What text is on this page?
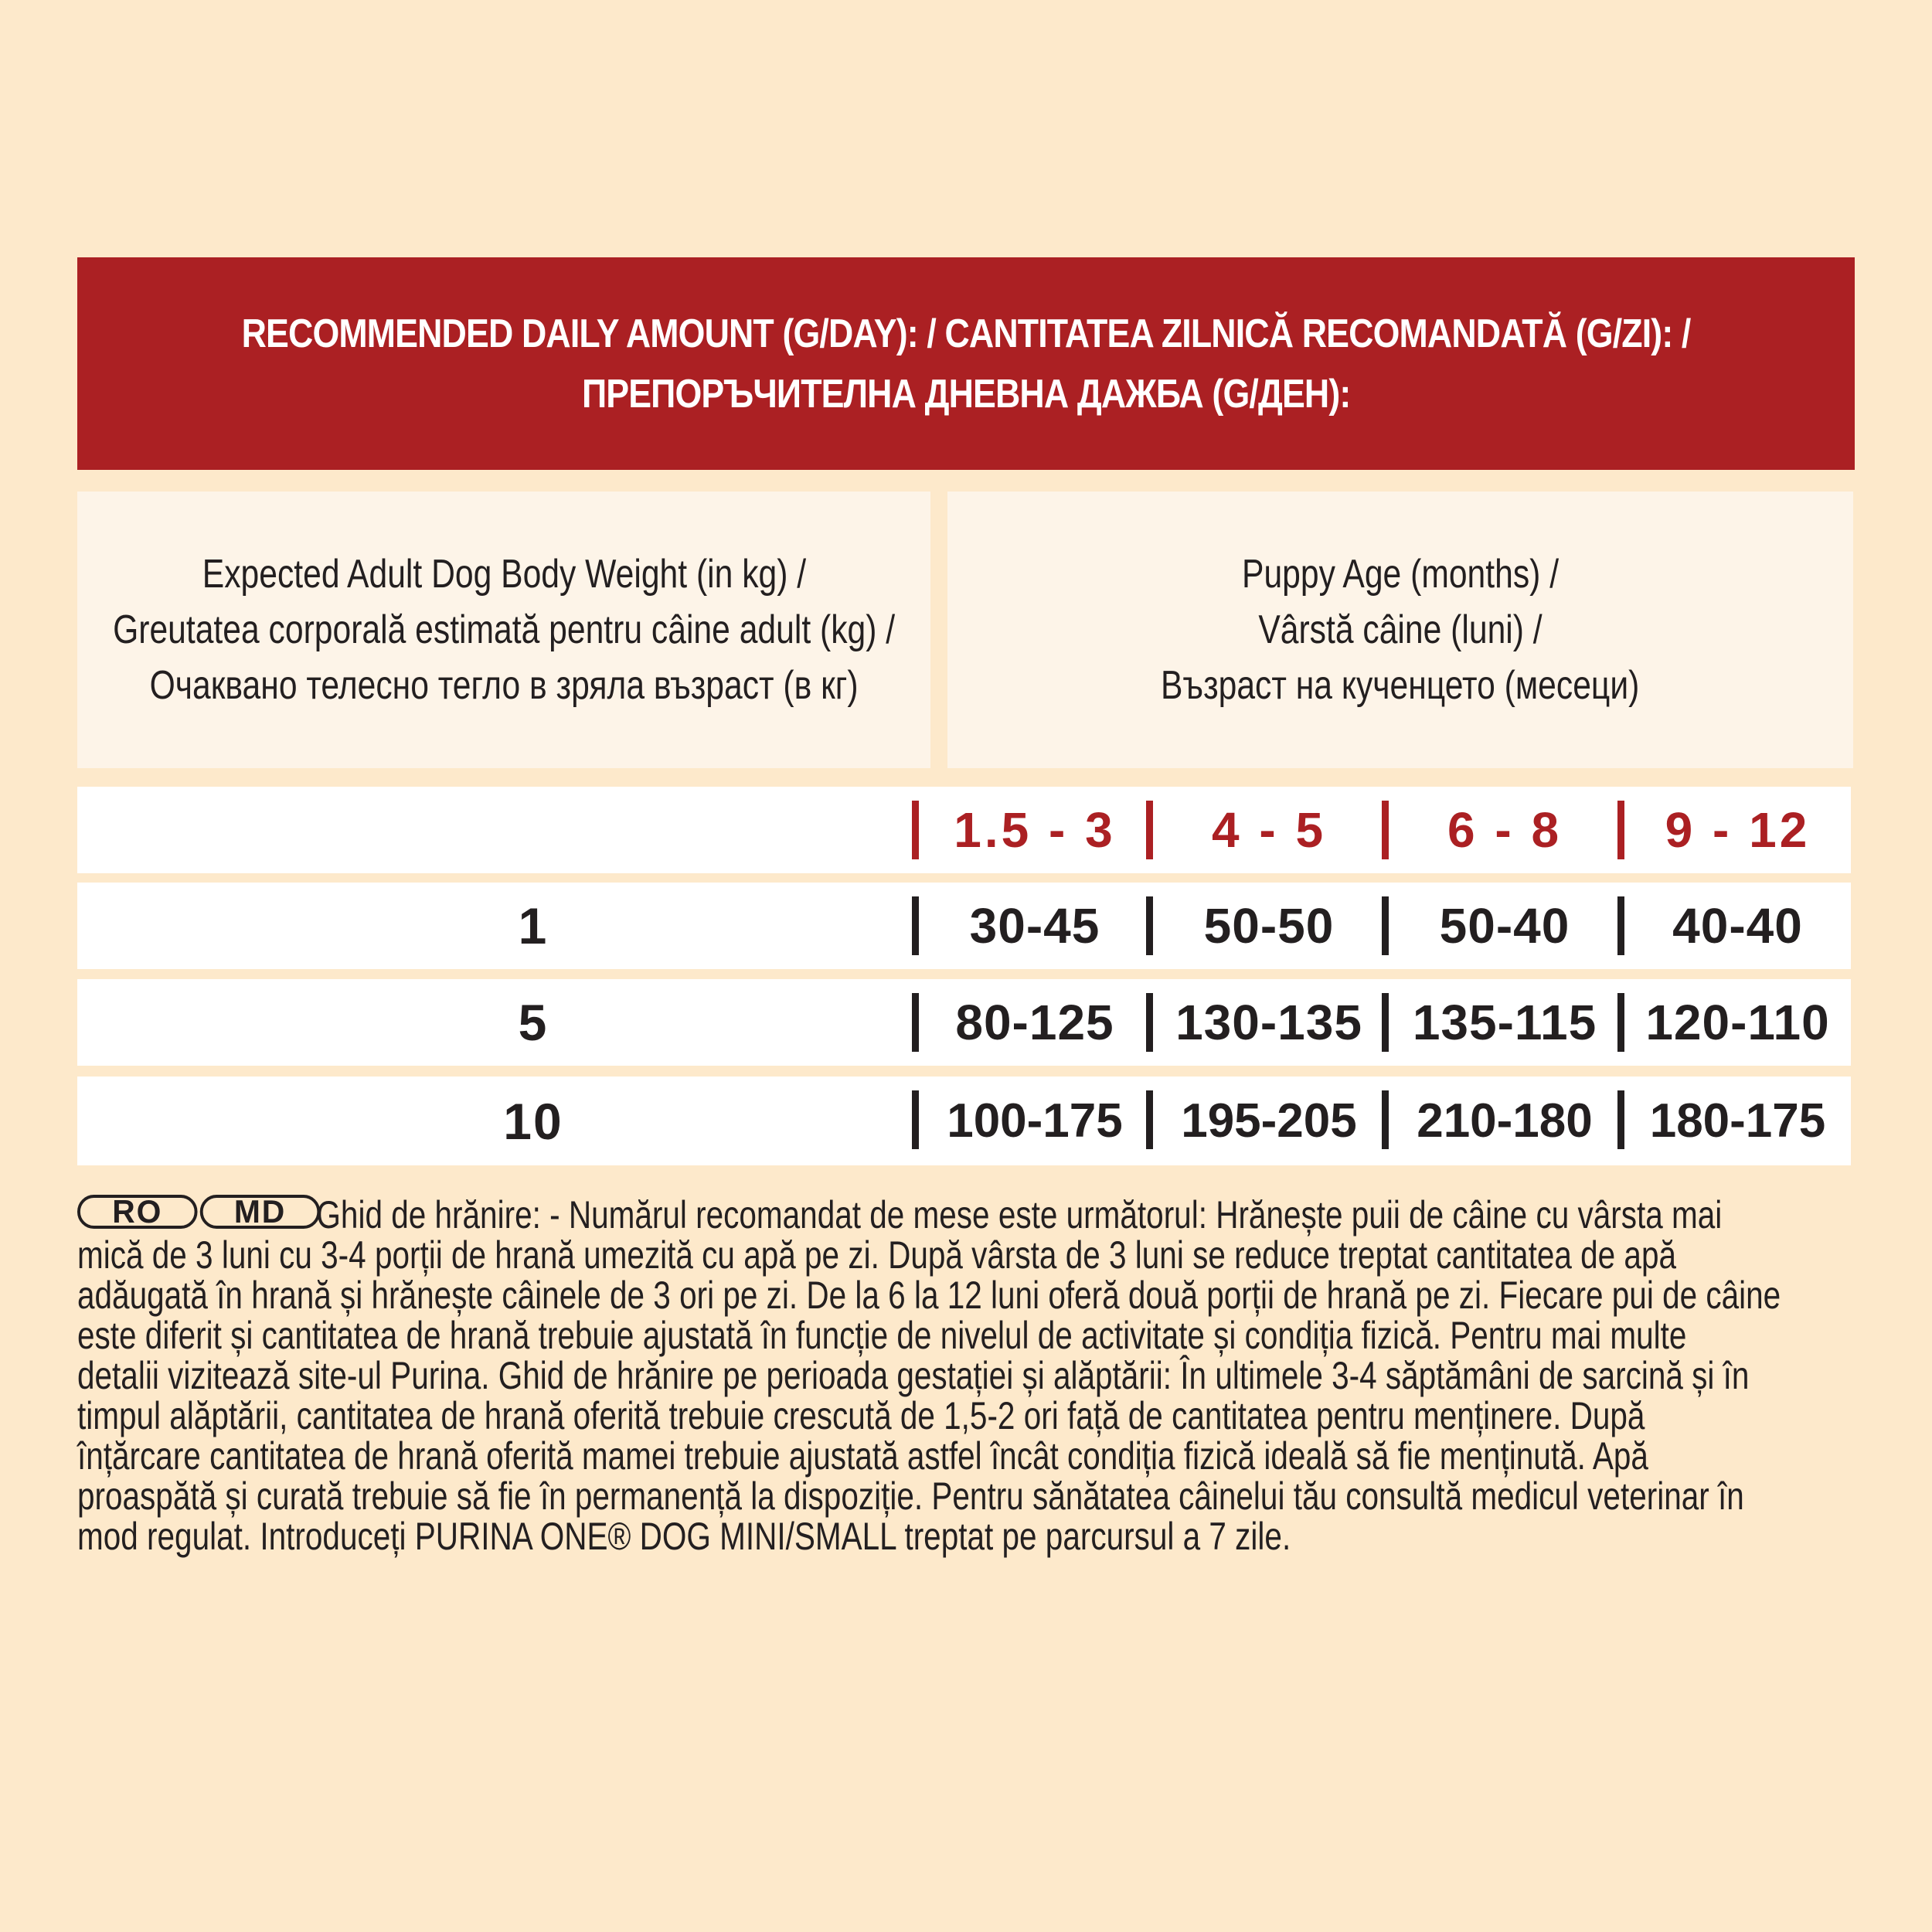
RECOMMENDED DAILY AMOUNT (G/DAY): / CANTITATEA ZILNICĂ RECOMANDATĂ (G/ZI): /
ПРЕПОРЪЧИТЕЛНА ДНЕВНА ДАЖБА (G/ДЕН):
Expected Adult Dog Body Weight (in kg) /
Greutatea corporală estimată pentru câine adult (kg) /
Очаквано телесно тегло в зряла възраст (в кг)
Puppy Age (months) /
Vârstă câine (luni) /
Възраст на кученцето (месеци)
1.5 - 3	4 - 5	6 - 8	9 - 12
1	30-45	50-50	50-40	40-40
5	80-125	130-135	135-115 120-110
10	100-175	195-205	210-180	180-175
RO	MD Ghid de hrănire: - Numărul recomandat de mese este următorul: Hrănește puii de câine cu vârsta mai
mică de 3 luni cu 3-4 porții de hrană umezită cu apă pe zi. După vârsta de 3 luni se reduce treptat cantitatea de apă
adăugată în hrană și hrănește câinele de 3 ori pe zi. De la 6 la 12 luni oferă două porții de hrană pe zi. Fiecare pui de câine
este diferit și cantitatea de hrană trebuie ajustată în funcție de nivelul de activitate și condiția fizică. Pentru mai multe
detalii vizitează site-ul Purina. Ghid de hrănire pe perioada gestației și alăptării: În ultimele 3-4 săptămâni de sarcină și în
timpul alăptării, cantitatea de hrană oferită trebuie crescută de 1,5-2 ori față de cantitatea pentru menținere. După
înțărcare cantitatea de hrană oferită mamei trebuie ajustată astfel încât condiția fizică ideală să fie menținută. Apă
proaspătă și curată trebuie să fie în permanență la dispoziție. Pentru sănătatea câinelui tău consultă medicul veterinar în
mod regulat. Introduceți PURINA ONE® DOG MINI/SMALL treptat pe parcursul a 7 zile.
